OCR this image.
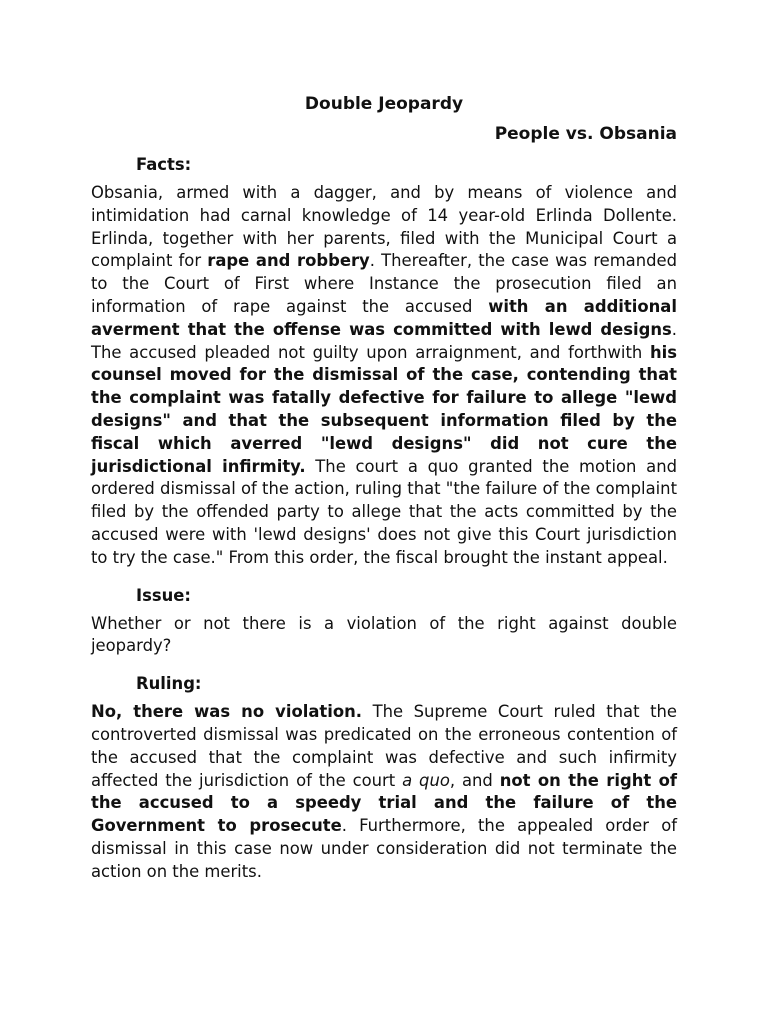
Double Jeopardy

People vs. Obsania

Facts:

Obsania, armed with a dagger, and by means of violence and intimidation had carnal knowledge of 14 year-old Erlinda Dollente. Erlinda, together with her parents, filed with the Municipal Court a complaint for rape and robbery. Thereafter, the case was remanded to the Court of First where Instance the prosecution filed an information of rape against the accused with an additional averment that the offense was committed with lewd designs. The accused pleaded not guilty upon arraignment, and forthwith his counsel moved for the dismissal of the case, contending that the complaint was fatally defective for failure to allege "lewd designs" and that the subsequent information filed by the fiscal which averred "lewd designs" did not cure the jurisdictional infirmity. The court a quo granted the motion and ordered dismissal of the action, ruling that "the failure of the complaint filed by the offended party to allege that the acts committed by the accused were with 'lewd designs' does not give this Court jurisdiction to try the case." From this order, the fiscal brought the instant appeal.

Issue:

Whether or not there is a violation of the right against double jeopardy?

Ruling:

No, there was no violation. The Supreme Court ruled that the controverted dismissal was predicated on the erroneous contention of the accused that the complaint was defective and such infirmity affected the jurisdiction of the court a quo, and not on the right of the accused to a speedy trial and the failure of the Government to prosecute. Furthermore, the appealed order of dismissal in this case now under consideration did not terminate the action on the merits.
